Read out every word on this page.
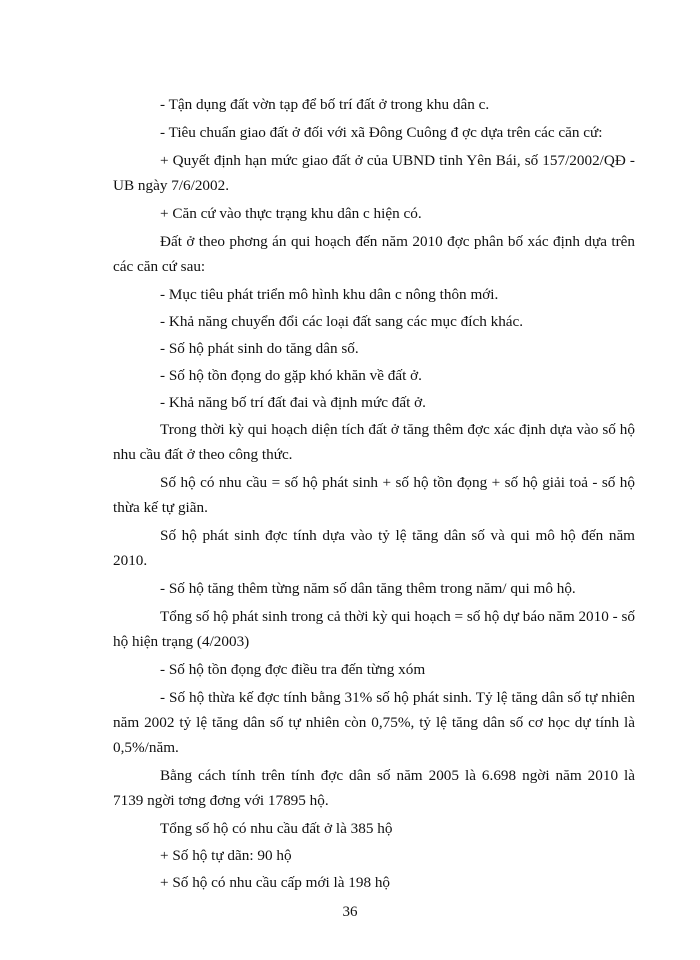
- Tận dụng đất vờn tạp để bố trí đất ở trong khu dân c.

- Tiêu chuẩn giao đất ở đối với xã Đông Cuông đ ợc dựa trên các căn cứ:

+ Quyết định hạn mức giao đất ở của UBND tỉnh Yên Bái, số 157/2002/QĐ - UB ngày 7/6/2002.

+ Căn cứ vào thực trạng khu dân c hiện có.

Đất ở theo phơng án qui hoạch đến năm 2010 đợc phân bố xác định dựa trên các căn cứ sau:

- Mục tiêu phát triển mô hình khu dân c nông thôn mới.

- Khả năng chuyển đổi các loại đất sang các mục đích khác.

- Số hộ phát sinh do tăng dân số.

- Số hộ tồn đọng do gặp khó khăn về đất ở.

- Khả năng bố trí đất đai và định mức đất ở.

Trong thời kỳ qui hoạch diện tích đất ở tăng thêm đợc xác định dựa vào số hộ nhu cầu đất ở theo công thức.

Số hộ có nhu cầu = số hộ phát sinh + số hộ tồn đọng + số hộ giải toả - số hộ thừa kế tự giãn.

Số hộ phát sinh đợc tính dựa vào tỷ lệ tăng dân số và qui mô hộ đến năm 2010.

- Số hộ tăng thêm từng năm số dân tăng thêm trong năm/ qui mô hộ.

Tổng số hộ phát sinh trong cả thời kỳ qui hoạch = số hộ dự báo năm 2010 - số hộ hiện trạng (4/2003)

- Số hộ tồn đọng đợc điều tra đến từng xóm

- Số hộ thừa kế đợc tính bằng 31% số hộ phát sinh. Tỷ lệ tăng dân số tự nhiên năm 2002 tỷ lệ tăng dân số tự nhiên còn 0,75%, tỷ lệ tăng dân số cơ học dự tính là 0,5%/năm.

Bằng cách tính trên tính đợc dân số năm 2005 là 6.698 ngời năm 2010 là 7139 ngời tơng đơng với 17895 hộ.

Tổng số hộ có nhu cầu đất ở là 385 hộ

+ Số hộ tự dãn: 90 hộ

+ Số hộ có nhu cầu cấp mới là 198 hộ

36
